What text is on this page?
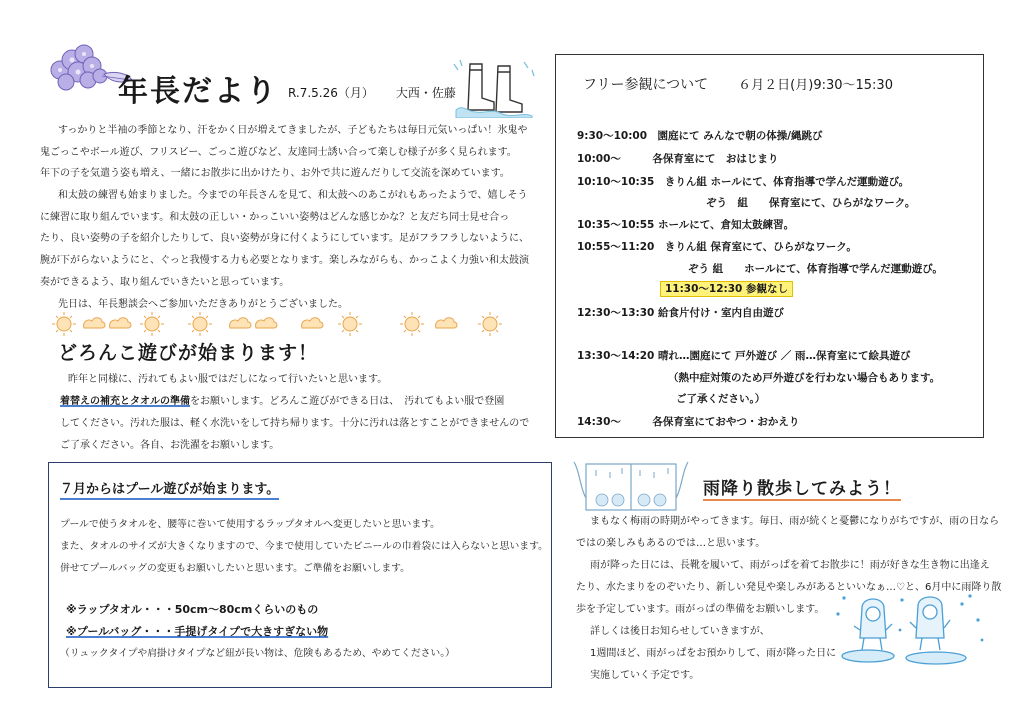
年長だより R.7.5.26（月） 大西・佐藤
すっかりと半袖の季節となり、汗をかく日が増えてきましたが、子どもたちは毎日元気いっぱい！氷鬼や
鬼ごっこやボール遊び、フリスビー、ごっこ遊びなど、友達同士誘い合って楽しむ様子が多く見られます。
年下の子を気遣う姿も増え、一緒にお散歩に出かけたり、お外で共に遊んだりして交流を深めています。
和太鼓の練習も始まりました。今までの年長さんを見て、和太鼓へのあこがれもあったようで、嬉しそう
に練習に取り組んでいます。和太鼓の正しい・かっこいい姿勢はどんな感じかな？と友だち同士見せ合っ
たり、良い姿勢の子を紹介したりして、良い姿勢が身に付くようにしています。足がフラフラしないように、
腕が下がらないようにと、ぐっと我慢する力も必要となります。楽しみながらも、かっこよく力強い和太鼓演
奏ができるよう、取り組んでいきたいと思っています。
先日は、年長懇談会へご参加いただきありがとうございました。
どろんこ遊びが始まります！
昨年と同様に、汚れてもよい服ではだしになって行いたいと思います。
着替えの補充とタオルの準備をお願いします。どろんこ遊びができる日は、　汚れてもよい服で登園
してください。汚れた服は、軽く水洗いをして持ち帰ります。十分に汚れは落とすことができませんので
ご了承ください。各自、お洗濯をお願いします。
フリー参観について ６月２日(月)9:30～15:30
9:30～10:00　園庭にて みんなで朝の体操/縄跳び
10:00～　　　各保育室にて　おはじまり
10:10～10:35　きりん組 ホールにて、体育指導で学んだ運動遊び。
ぞう　組　　保育室にて、ひらがなワーク。
10:35～10:55 ホールにて、倉知太鼓練習。
10:55～11:20　きりん組 保育室にて、ひらがなワーク。
ぞう 組　　ホールにて、体育指導で学んだ運動遊び。
11:30～12:30 参観なし
12:30～13:30 給食片付け・室内自由遊び
13:30～14:20 晴れ…園庭にて 戸外遊び ／ 雨…保育室にて絵具遊び
（熱中症対策のため戸外遊びを行わない場合もあります。
ご了承ください。）
14:30～　　　各保育室にておやつ・おかえり
７月からはプール遊びが始まります。
プールで使うタオルを、腰等に巻いて使用するラップタオルへ変更したいと思います。
また、タオルのサイズが大きくなりますので、今まで使用していたビニールの巾着袋には入らないと思います。
併せてプールバッグの変更もお願いしたいと思います。ご準備をお願いします。
※ラップタオル・・・50cm～80cmくらいのもの
※プールバッグ・・・手提げタイプで大きすぎない物
（リュックタイプや肩掛けタイプなど紐が長い物は、危険もあるため、やめてください。）
雨降り散歩してみよう！
まもなく梅雨の時期がやってきます。毎日、雨が続くと憂鬱になりがちですが、雨の日なら
ではの楽しみもあるのでは…と思います。
雨が降った日には、長靴を履いて、雨がっぱを着てお散歩に！雨が好きな生き物に出逢え
たり、水たまりをのぞいたり、新しい発見や楽しみがあるといいなぁ…♡と、6月中に雨降り散
歩を予定しています。雨がっぱの準備をお願いします。
詳しくは後日お知らせしていきますが、
1週間ほど、雨がっぱをお預かりして、雨が降った日に
実施していく予定です。
